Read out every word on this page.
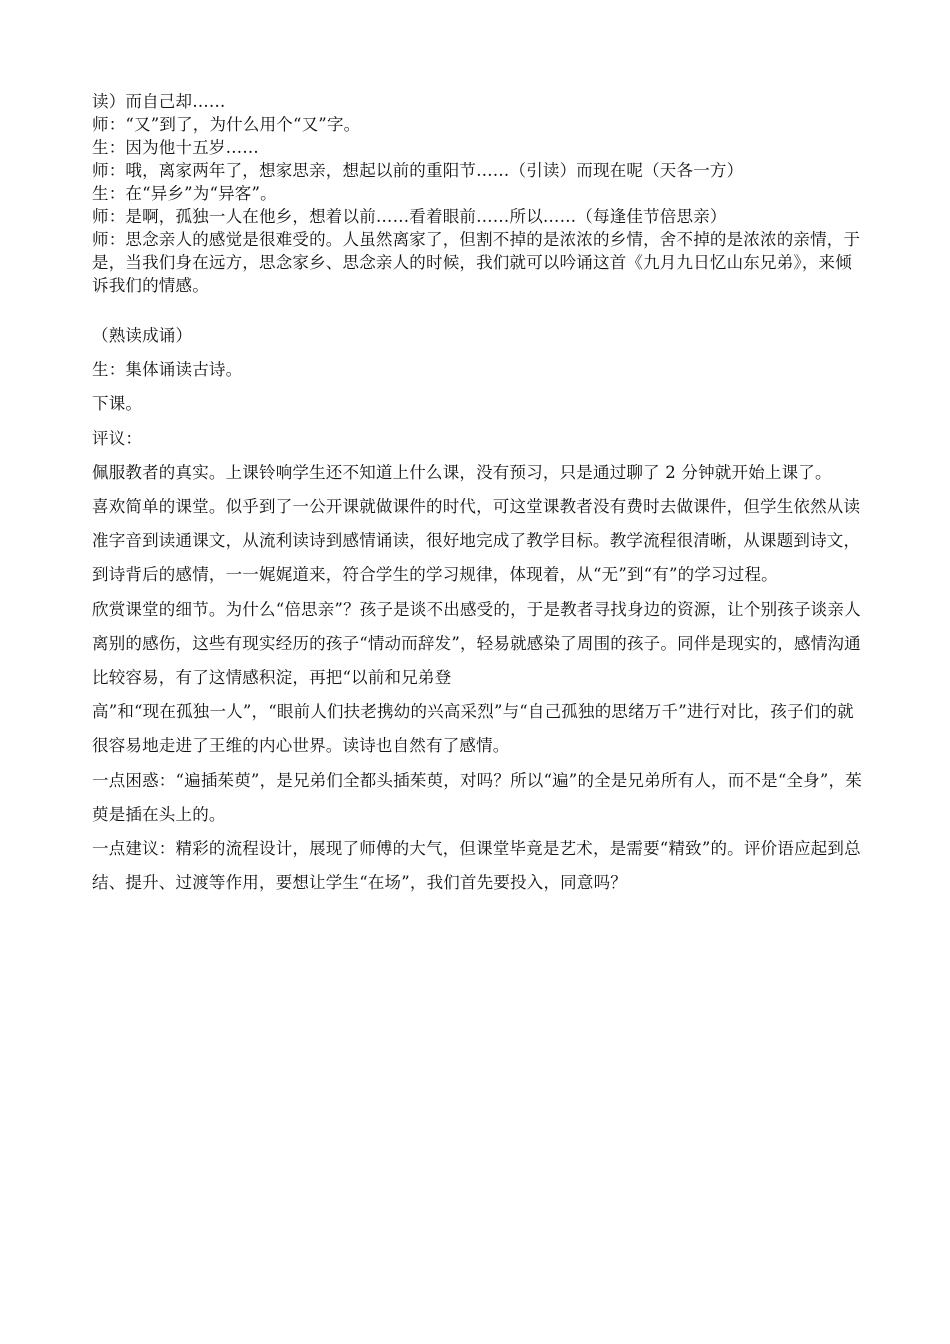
读）而自己却……

师：“又”到了，为什么用个“又”字。

生：因为他十五岁……

师：哦，离家两年了，想家思亲，想起以前的重阳节……（引读）而现在呢（天各一方）

生：在“异乡”为“异客”。

师：是啊，孤独一人在他乡，想着以前……看着眼前……所以……（每逢佳节倍思亲）

师：思念亲人的感觉是很难受的。人虽然离家了，但割不掉的是浓浓的乡情，舍不掉的是浓浓的亲情，于是，当我们身在远方，思念家乡、思念亲人的时候，我们就可以吟诵这首《九月九日忆山东兄弟》，来倾诉我们的情感。

（熟读成诵）

生：集体诵读古诗。

下课。

评议：

佩服教者的真实。上课铃响学生还不知道上什么课，没有预习，只是通过聊了 2 分钟就开始上课了。

喜欢简单的课堂。似乎到了一公开课就做课件的时代，可这堂课教者没有费时去做课件，但学生依然从读准字音到读通课文，从流利读诗到感情诵读，很好地完成了教学目标。教学流程很清晰，从课题到诗文，到诗背后的感情，一一娓娓道来，符合学生的学习规律，体现着，从“无”到“有”的学习过程。

欣赏课堂的细节。为什么“倍思亲”？孩子是谈不出感受的，于是教者寻找身边的资源，让个别孩子谈亲人离别的感伤，这些有现实经历的孩子“情动而辞发”，轻易就感染了周围的孩子。同伴是现实的，感情沟通比较容易，有了这情感积淀，再把“以前和兄弟登

高”和“现在孤独一人”，“眼前人们扶老携幼的兴高采烈”与“自己孤独的思绪万千”进行对比，孩子们的就很容易地走进了王维的内心世界。读诗也自然有了感情。

一点困惑：“遍插茱萸”，是兄弟们全都头插茱萸，对吗？所以“遍”的全是兄弟所有人，而不是“全身”，茱萸是插在头上的。

一点建议：精彩的流程设计，展现了师傅的大气，但课堂毕竟是艺术，是需要“精致”的。评价语应起到总结、提升、过渡等作用，要想让学生“在场”，我们首先要投入，同意吗？
